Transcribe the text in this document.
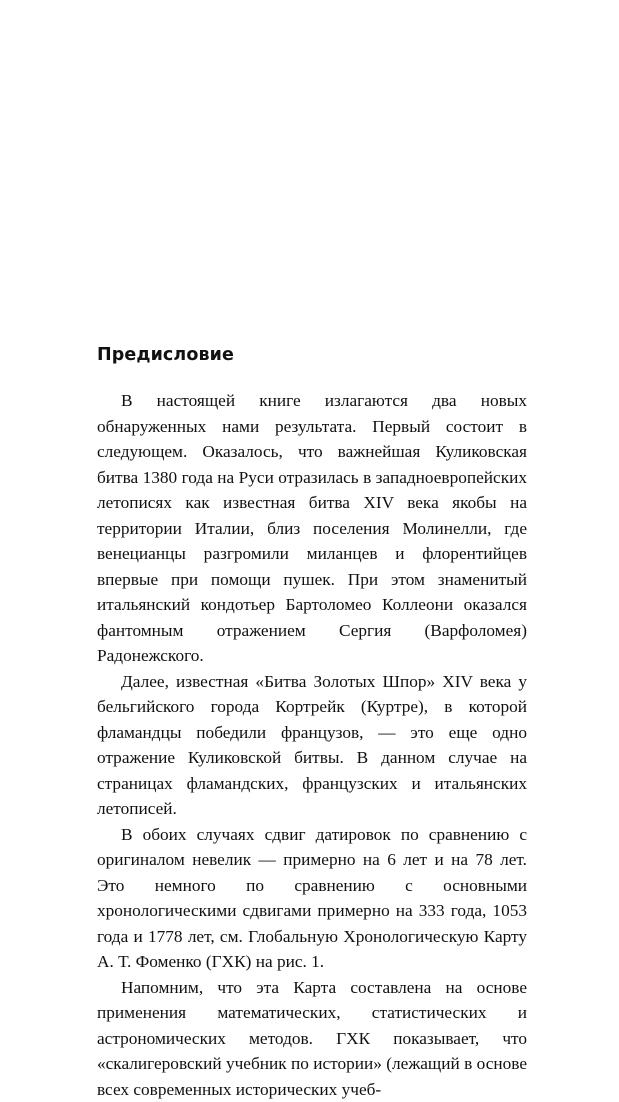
Предисловие

В настоящей книге излагаются два новых обнаруженных нами результата. Первый состоит в следующем. Оказалось, что важнейшая Куликовская битва 1380 года на Руси отразилась в западноевропейских летописях как известная битва XIV века якобы на территории Италии, близ поселения Молинелли, где венецианцы разгромили миланцев и флорентийцев впервые при помощи пушек. При этом знаменитый итальянский кондотьер Бартоломео Коллеони оказался фантомным отражением Сергия (Варфоломея) Радонежского.

Далее, известная «Битва Золотых Шпор» XIV века у бельгийского города Кортрейк (Куртре), в которой фламандцы победили французов, — это еще одно отражение Куликовской битвы. В данном случае на страницах фламандских, французских и итальянских летописей.

В обоих случаях сдвиг датировок по сравнению с оригиналом невелик — примерно на 6 лет и на 78 лет. Это немного по сравнению с основными хронологическими сдвигами примерно на 333 года, 1053 года и 1778 лет, см. Глобальную Хронологическую Карту А. Т. Фоменко (ГХК) на рис. 1.

Напомним, что эта Карта составлена на основе применения математических, статистических и астрономических методов. ГХК показывает, что «скалигеровский учебник по истории» (лежащий в основе всех современных исторических учеб-
